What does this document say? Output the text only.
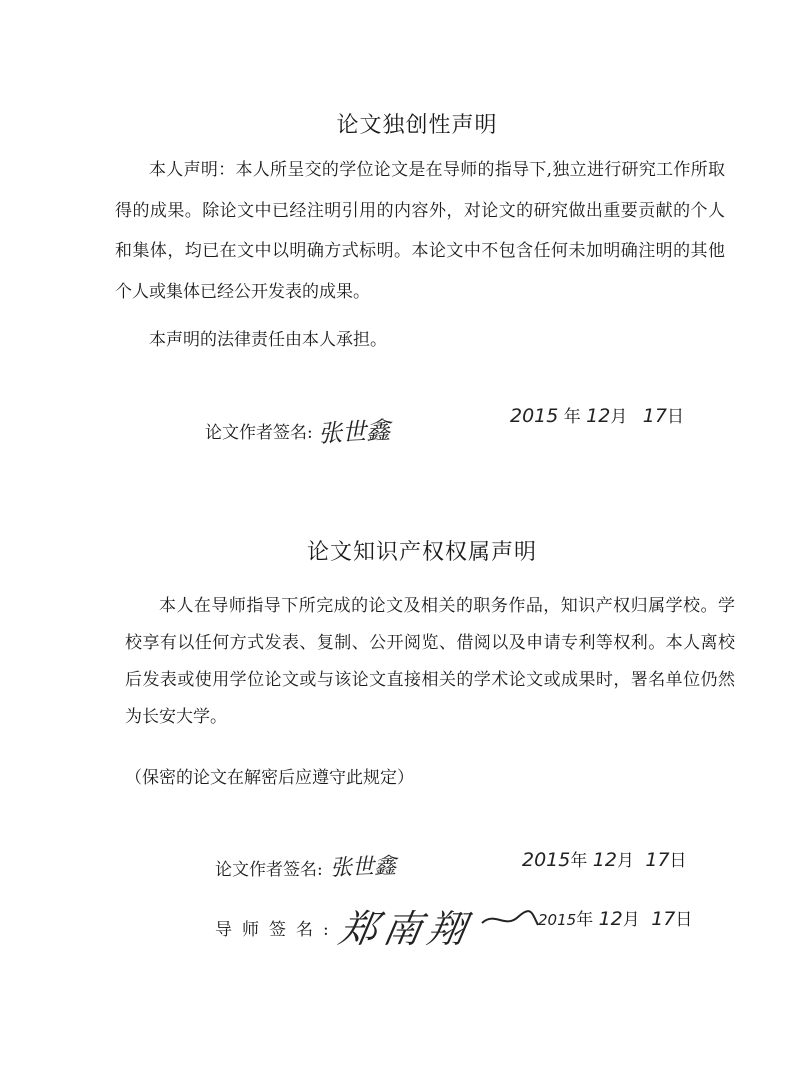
论文独创性声明
本人声明：本人所呈交的学位论文是在导师的指导下,独立进行研究工作所取得的成果。除论文中已经注明引用的内容外，对论文的研究做出重要贡献的个人和集体，均已在文中以明确方式标明。本论文中不包含任何未加明确注明的其他个人或集体已经公开发表的成果。
本声明的法律责任由本人承担。
论文作者签名: 张世鑫
2015 年 12月 17日
论文知识产权权属声明
本人在导师指导下所完成的论文及相关的职务作品，知识产权归属学校。学校享有以任何方式发表、复制、公开阅览、借阅以及申请专利等权利。本人离校后发表或使用学位论文或与该论文直接相关的学术论文或成果时，署名单位仍然为长安大学。
（保密的论文在解密后应遵守此规定）
论文作者签名: 张世鑫	2015年 12月 17日
导师签名:
郑南翔	2015年 12月 17日
